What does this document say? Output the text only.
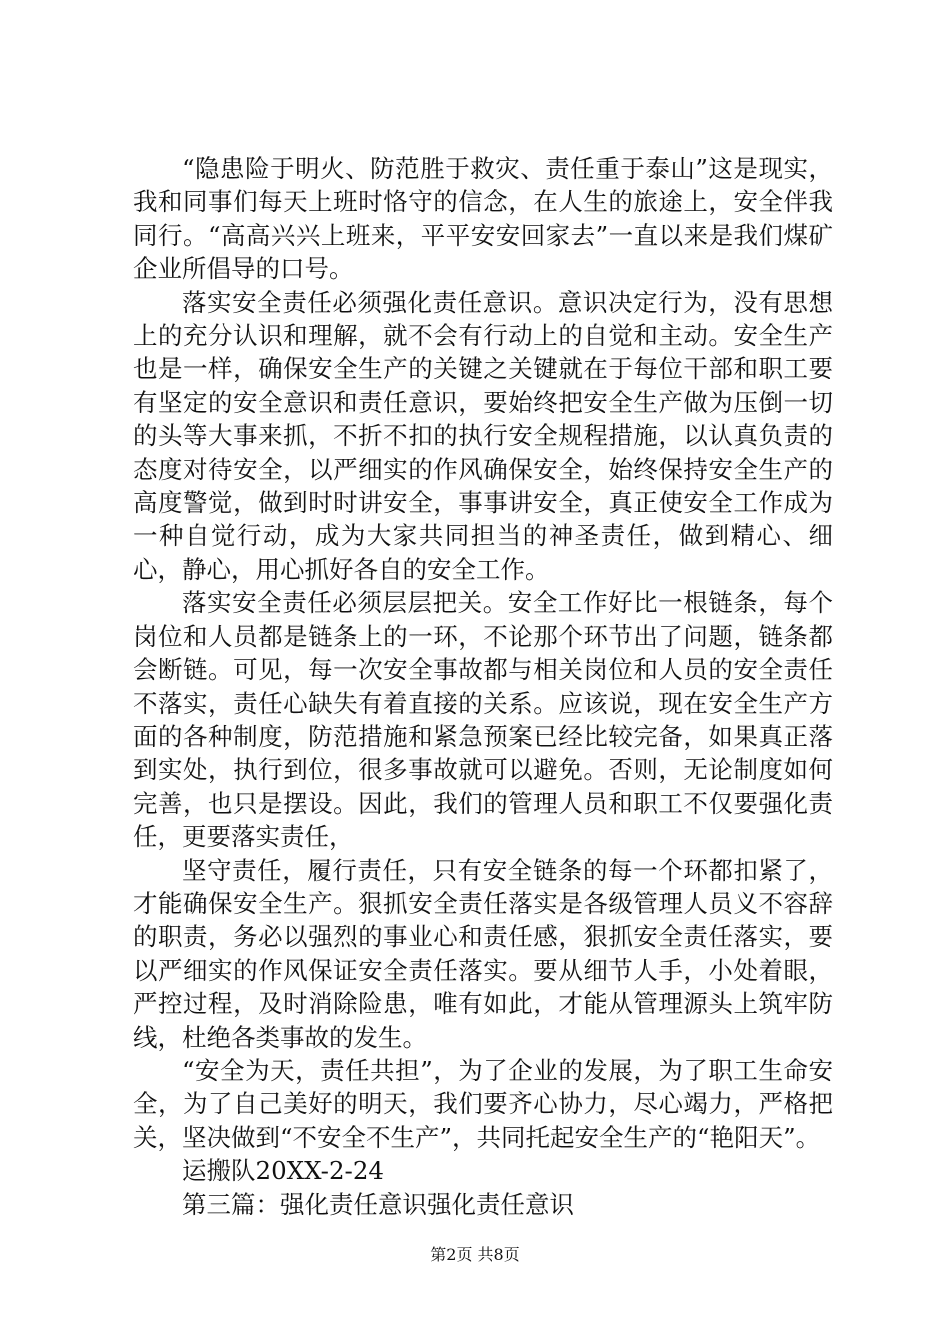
“隐患险于明火、防范胜于救灾、责任重于泰山”这是现实，我和同事们每天上班时恪守的信念，在人生的旅途上，安全伴我同行。“高高兴兴上班来，平平安安回家去”一直以来是我们煤矿企业所倡导的口号。

落实安全责任必须强化责任意识。意识决定行为，没有思想上的充分认识和理解，就不会有行动上的自觉和主动。安全生产也是一样，确保安全生产的关键之关键就在于每位干部和职工要有坚定的安全意识和责任意识，要始终把安全生产做为压倒一切的头等大事来抓，不折不扣的执行安全规程措施，以认真负责的态度对待安全，以严细实的作风确保安全，始终保持安全生产的高度警觉，做到时时讲安全，事事讲安全，真正使安全工作成为一种自觉行动，成为大家共同担当的神圣责任，做到精心、细心，静心，用心抓好各自的安全工作。

落实安全责任必须层层把关。安全工作好比一根链条，每个岗位和人员都是链条上的一环，不论那个环节出了问题，链条都会断链。可见，每一次安全事故都与相关岗位和人员的安全责任不落实，责任心缺失有着直接的关系。应该说，现在安全生产方面的各种制度，防范措施和紧急预案已经比较完备，如果真正落到实处，执行到位，很多事故就可以避免。否则，无论制度如何完善，也只是摆设。因此，我们的管理人员和职工不仅要强化责任，更要落实责任，

坚守责任，履行责任，只有安全链条的每一个环都扣紧了，才能确保安全生产。狠抓安全责任落实是各级管理人员义不容辞的职责，务必以强烈的事业心和责任感，狠抓安全责任落实，要以严细实的作风保证安全责任落实。要从细节人手，小处着眼，严控过程，及时消除险患，唯有如此，才能从管理源头上筑牢防线，杜绝各类事故的发生。

“安全为天，责任共担”，为了企业的发展，为了职工生命安全，为了自己美好的明天，我们要齐心协力，尽心竭力，严格把关，坚决做到“不安全不生产”，共同托起安全生产的“艳阳天”。

运搬队20XX-2-24

第三篇：强化责任意识强化责任意识

第2页 共8页
